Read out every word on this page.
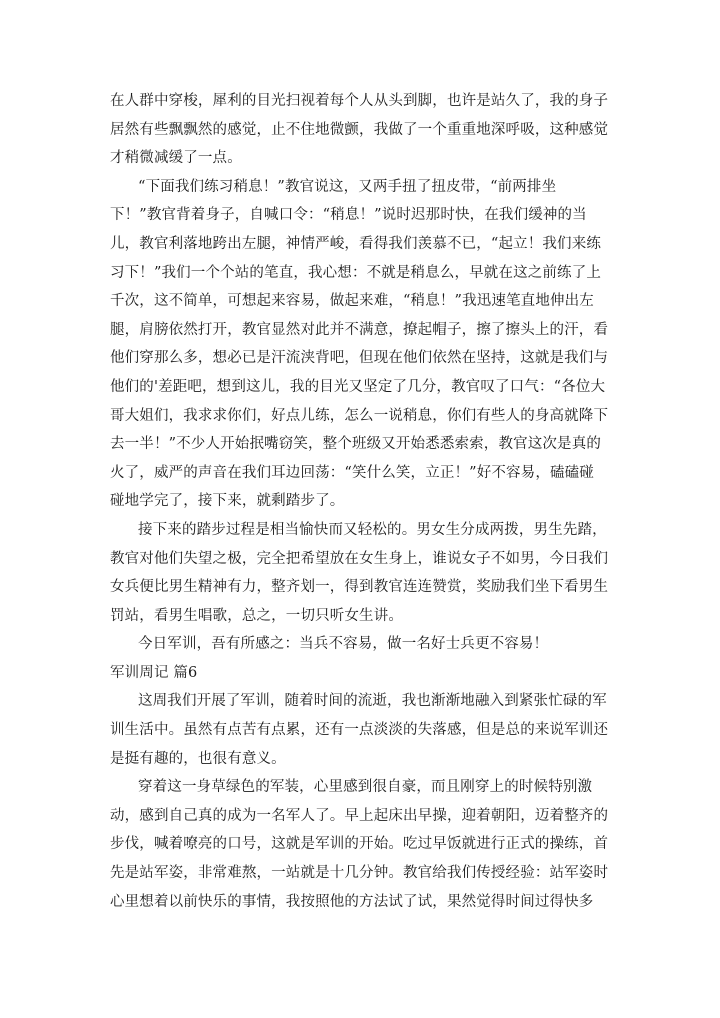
在人群中穿梭，犀利的目光扫视着每个人从头到脚，也许是站久了，我的身子
居然有些飘飘然的感觉，止不住地微颤，我做了一个重重地深呼吸，这种感觉
才稍微减缓了一点。
“下面我们练习稍息！”教官说这，又两手扭了扭皮带，“前两排坐
下！”教官背着身子，自喊口令：“稍息！”说时迟那时快，在我们缓神的当
儿，教官利落地跨出左腿，神情严峻，看得我们羡慕不已，“起立！我们来练
习下！”我们一个个站的笔直，我心想：不就是稍息么，早就在这之前练了上
千次，这不简单，可想起来容易，做起来难，“稍息！”我迅速笔直地伸出左
腿，肩膀依然打开，教官显然对此并不满意，撩起帽子，擦了擦头上的汗，看
他们穿那么多，想必已是汗流浃背吧，但现在他们依然在坚持，这就是我们与
他们的'差距吧，想到这儿，我的目光又坚定了几分，教官叹了口气：“各位大
哥大姐们，我求求你们，好点儿练，怎么一说稍息，你们有些人的身高就降下
去一半！”不少人开始抿嘴窃笑，整个班级又开始悉悉索索，教官这次是真的
火了，威严的声音在我们耳边回荡：“笑什么笑，立正！”好不容易，磕磕碰
碰地学完了，接下来，就剩踏步了。
接下来的踏步过程是相当愉快而又轻松的。男女生分成两拨，男生先踏，
教官对他们失望之极，完全把希望放在女生身上，谁说女子不如男，今日我们
女兵便比男生精神有力，整齐划一，得到教官连连赞赏，奖励我们坐下看男生
罚站，看男生唱歌，总之，一切只听女生讲。
今日军训，吾有所感之：当兵不容易，做一名好士兵更不容易！
军训周记 篇6
这周我们开展了军训，随着时间的流逝，我也渐渐地融入到紧张忙碌的军
训生活中。虽然有点苦有点累，还有一点淡淡的失落感，但是总的来说军训还
是挺有趣的，也很有意义。
穿着这一身草绿色的军装，心里感到很自豪，而且刚穿上的时候特别激
动，感到自己真的成为一名军人了。早上起床出早操，迎着朝阳，迈着整齐的
步伐，喊着嘹亮的口号，这就是军训的开始。吃过早饭就进行正式的操练，首
先是站军姿，非常难熬，一站就是十几分钟。教官给我们传授经验：站军姿时
心里想着以前快乐的事情，我按照他的方法试了试，果然觉得时间过得快多
